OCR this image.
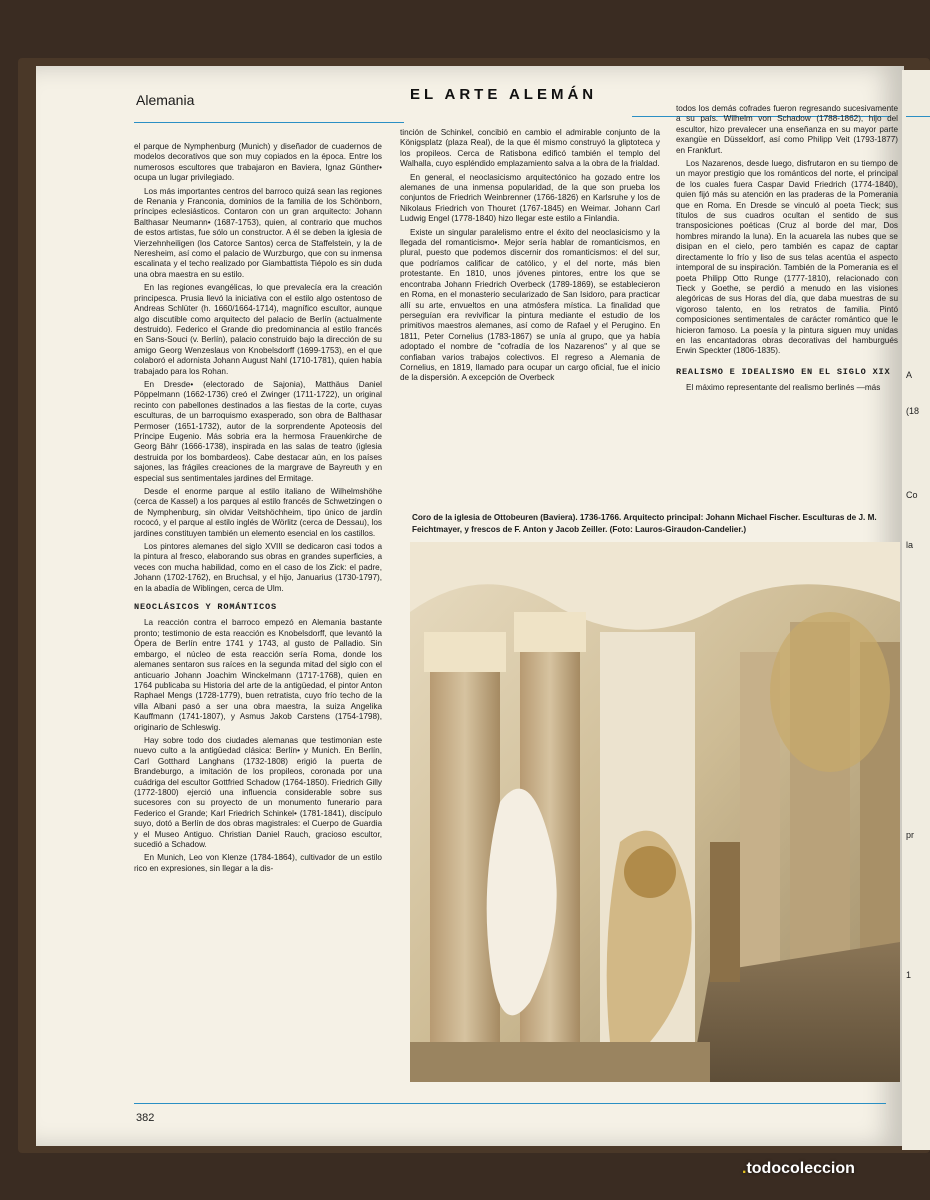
A
(18
Co
la
pr
1
Alemania	EL ARTE ALEMÁN

el parque de Nymphenburg (Munich) y diseñador de cuadernos de modelos decorativos que son muy copiados en la época. Entre los numerosos escultores que trabajaron en Baviera, Ignaz Günther• ocupa un lugar privilegiado.

Los más importantes centros del barroco quizá sean las regiones de Renania y Franconia, dominios de la familia de los Schönborn, príncipes eclesiásticos. Contaron con un gran arquitecto: Johann Balthasar Neumann• (1687-1753), quien, al contrario que muchos de estos artistas, fue sólo un constructor. A él se deben la iglesia de Vierzehnheiligen (los Catorce Santos) cerca de Staffelstein, y la de Neresheim, así como el palacio de Wurzburgo, que con su inmensa escalinata y el techo realizado por Giambattista Tiépolo es sin duda una obra maestra en su estilo.

En las regiones evangélicas, lo que prevalecía era la creación principesca. Prusia llevó la iniciativa con el estilo algo ostentoso de Andreas Schlüter (h. 1660/1664-1714), magnífico escultor, aunque algo discutible como arquitecto del palacio de Berlín (actualmente destruido). Federico el Grande dio predominancia al estilo francés en Sans-Souci (v. Berlín), palacio construido bajo la dirección de su amigo Georg Wenzeslaus von Knobelsdorff (1699-1753), en el que colaboró el adornista Johann August Nahl (1710-1781), quien había trabajado para los Rohan.

En Dresde• (electorado de Sajonia), Matthäus Daniel Pöppelmann (1662-1736) creó el Zwinger (1711-1722), un original recinto con pabellones destinados a las fiestas de la corte, cuyas esculturas, de un barroquismo exasperado, son obra de Balthasar Permoser (1651-1732), autor de la sorprendente Apoteosis del Príncipe Eugenio. Más sobria era la hermosa Frauenkirche de Georg Bähr (1666-1738), inspirada en las salas de teatro (iglesia destruida por los bombardeos). Cabe destacar aún, en los países sajones, las frágiles creaciones de la margrave de Bayreuth y en especial sus sentimentales jardines del Ermitage.

Desde el enorme parque al estilo italiano de Wilhelmshöhe (cerca de Kassel) a los parques al estilo francés de Schwetzingen o de Nymphenburg, sin olvidar Veitshöchheim, tipo único de jardín rococó, y el parque al estilo inglés de Wörlitz (cerca de Dessau), los jardines constituyen también un elemento esencial en los castillos.

Los pintores alemanes del siglo XVIII se dedicaron casi todos a la pintura al fresco, elaborando sus obras en grandes superficies, a veces con mucha habilidad, como en el caso de los Zick: el padre, Johann (1702-1762), en Bruchsal, y el hijo, Januarius (1730-1797), en la abadía de Wiblingen, cerca de Ulm.

NEOCLÁSICOS Y ROMÁNTICOS

La reacción contra el barroco empezó en Alemania bastante pronto; testimonio de esta reacción es Knobelsdorff, que levantó la Ópera de Berlín entre 1741 y 1743, al gusto de Palladio. Sin embargo, el núcleo de esta reacción sería Roma, donde los alemanes sentaron sus raíces en la segunda mitad del siglo con el anticuario Johann Joachim Winckelmann (1717-1768), quien en 1764 publicaba su Historia del arte de la antigüedad, el pintor Anton Raphael Mengs (1728-1779), buen retratista, cuyo frío techo de la villa Albani pasó a ser una obra maestra, la suiza Angelika Kauffmann (1741-1807), y Asmus Jakob Carstens (1754-1798), originario de Schleswig.

Hay sobre todo dos ciudades alemanas que testimonian este nuevo culto a la antigüedad clásica: Berlín• y Munich. En Berlín, Carl Gotthard Langhans (1732-1808) erigió la puerta de Brandeburgo, a imitación de los propileos, coronada por una cuádriga del escultor Gottfried Schadow (1764-1850). Friedrich Gilly (1772-1800) ejerció una influencia considerable sobre sus sucesores con su proyecto de un monumento funerario para Federico el Grande; Karl Friedrich Schinkel• (1781-1841), discípulo suyo, dotó a Berlín de dos obras magistrales: el Cuerpo de Guardia y el Museo Antiguo. Christian Daniel Rauch, gracioso escultor, sucedió a Schadow.

En Munich, Leo von Klenze (1784-1864), cultivador de un estilo rico en expresiones, sin llegar a la dis-

tinción de Schinkel, concibió en cambio el admirable conjunto de la Königsplatz (plaza Real), de la que él mismo construyó la gliptoteca y los propileos. Cerca de Ratisbona edificó también el templo del Walhalla, cuyo espléndido emplazamiento salva a la obra de la frialdad.

En general, el neoclasicismo arquitectónico ha gozado entre los alemanes de una inmensa popularidad, de la que son prueba los conjuntos de Friedrich Weinbrenner (1766-1826) en Karlsruhe y los de Nikolaus Friedrich von Thouret (1767-1845) en Weimar. Johann Carl Ludwig Engel (1778-1840) hizo llegar este estilo a Finlandia.

Existe un singular paralelismo entre el éxito del neoclasicismo y la llegada del romanticismo•. Mejor sería hablar de romanticismos, en plural, puesto que podemos discernir dos romanticismos: el del sur, que podríamos calificar de católico, y el del norte, más bien protestante. En 1810, unos jóvenes pintores, entre los que se encontraba Johann Friedrich Overbeck (1789-1869), se establecieron en Roma, en el monasterio secularizado de San Isidoro, para practicar allí su arte, envueltos en una atmósfera mística. La finalidad que perseguían era revivificar la pintura mediante el estudio de los primitivos maestros alemanes, así como de Rafael y el Perugino. En 1811, Peter Cornelius (1783-1867) se unía al grupo, que ya había adoptado el nombre de "cofradía de los Nazarenos" y al que se confiaban varios trabajos colectivos. El regreso a Alemania de Cornelius, en 1819, llamado para ocupar un cargo oficial, fue el inicio de la dispersión. A excepción de Overbeck

todos los demás cofrades fueron regresando sucesivamente a su país. Wilhelm von Schadow (1788-1862), hijo del escultor, hizo prevalecer una enseñanza en su mayor parte exangüe en Düsseldorf, así como Philipp Veit (1793-1877) en Frankfurt.

Los Nazarenos, desde luego, disfrutaron en su tiempo de un mayor prestigio que los románticos del norte, el principal de los cuales fuera Caspar David Friedrich (1774-1840), quien fijó más su atención en las praderas de la Pomerania que en Roma. En Dresde se vinculó al poeta Tieck; sus títulos de sus cuadros ocultan el sentido de sus transposiciones poéticas (Cruz al borde del mar, Dos hombres mirando la luna). En la acuarela las nubes que se disipan en el cielo, pero también es capaz de captar directamente lo frío y liso de sus telas acentúa el aspecto intemporal de su inspiración. También de la Pomerania es el poeta Philipp Otto Runge (1777-1810), relacionado con Tieck y Goethe, se perdió a menudo en las visiones alegóricas de sus Horas del día, que daba muestras de su vigoroso talento, en los retratos de familia. Pintó composiciones sentimentales de carácter romántico que le hicieron famoso. La poesía y la pintura siguen muy unidas en las encantadoras obras decorativas del hamburgués Erwin Speckter (1806-1835).

REALISMO E IDEALISMO EN EL SIGLO XIX

El máximo representante del realismo berlinés —más

Coro de la iglesia de Ottobeuren (Baviera). 1736-1766. Arquitecto principal: Johann Michael Fischer. Esculturas de J. M. Feichtmayer, y frescos de F. Anton y Jacob Zeiller. (Foto: Lauros-Giraudon-Candelier.)
382
.todocoleccion
